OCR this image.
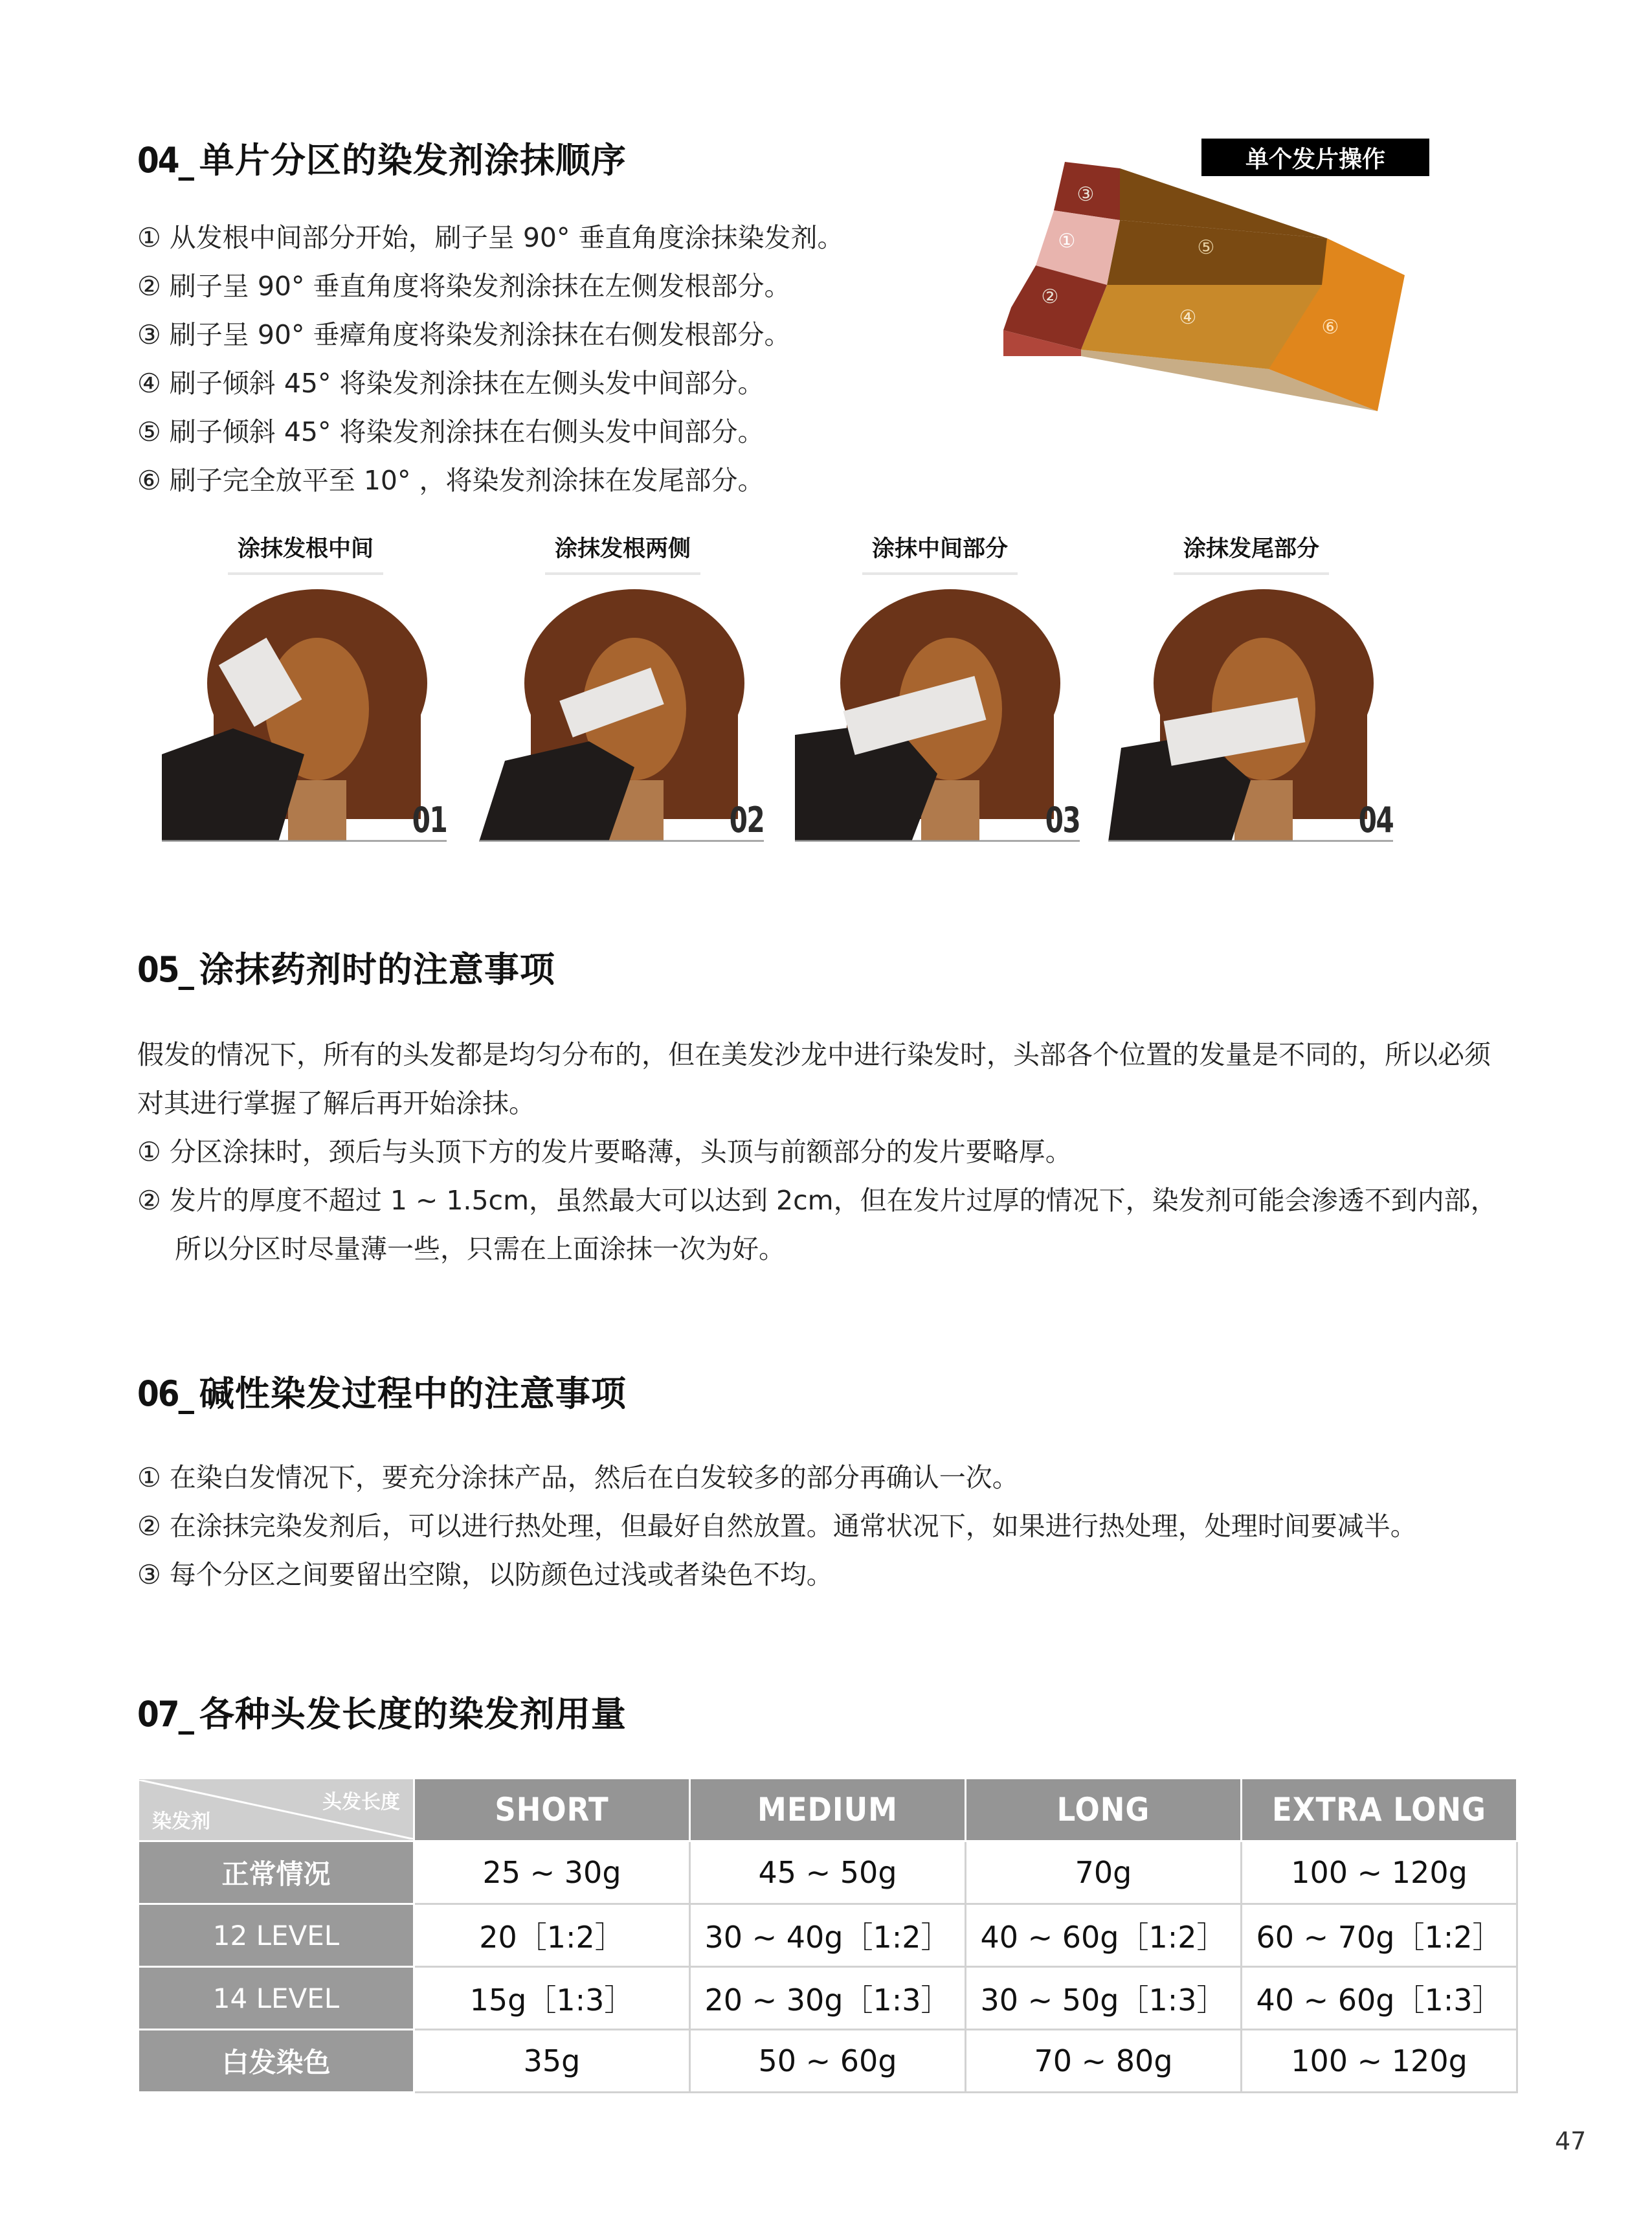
04_ 单片分区的染发剂涂抹顺序
① 从发根中间部分开始，刷子呈 90° 垂直角度涂抹染发剂。
② 刷子呈 90° 垂直角度将染发剂涂抹在左侧发根部分。
③ 刷子呈 90° 垂瘴角度将染发剂涂抹在右侧发根部分。
④ 刷子倾斜 45° 将染发剂涂抹在左侧头发中间部分。
⑤ 刷子倾斜 45° 将染发剂涂抹在右侧头发中间部分。
⑥ 刷子完全放平至 10° ，将染发剂涂抹在发尾部分。
单个发片操作
③
①
②
④
⑤
⑥
涂抹发根中间	涂抹发根两侧	涂抹中间部分	涂抹发尾部分
01	02	03	04
05_ 涂抹药剂时的注意事项
假发的情况下，所有的头发都是均匀分布的，但在美发沙龙中进行染发时，头部各个位置的发量是不同的，所以必须
对其进行掌握了解后再开始涂抹。
① 分区涂抹时，颈后与头顶下方的发片要略薄，头顶与前额部分的发片要略厚。
② 发片的厚度不超过 1 ~ 1.5cm，虽然最大可以达到 2cm，但在发片过厚的情况下，染发剂可能会渗透不到内部，
所以分区时尽量薄一些，只需在上面涂抹一次为好。
06_ 碱性染发过程中的注意事项
① 在染白发情况下，要充分涂抹产品，然后在白发较多的部分再确认一次。
② 在涂抹完染发剂后，可以进行热处理，但最好自然放置。通常状况下，如果进行热处理，处理时间要减半。
③ 每个分区之间要留出空隙，以防颜色过浅或者染色不均。
07_ 各种头发长度的染发剂用量
头发长度
染发剂	SHORT	MEDIUM	LONG	EXTRA LONG
正常情况	25 ~ 30g	45 ~ 50g	70g	100 ~ 120g
12 LEVEL	20［1:2］	30 ~ 40g［1:2］	40 ~ 60g［1:2］	60 ~ 70g［1:2］
14 LEVEL	15g［1:3］	20 ~ 30g［1:3］	30 ~ 50g［1:3］	40 ~ 60g［1:3］
白发染色	35g	50 ~ 60g	70 ~ 80g	100 ~ 120g
47
